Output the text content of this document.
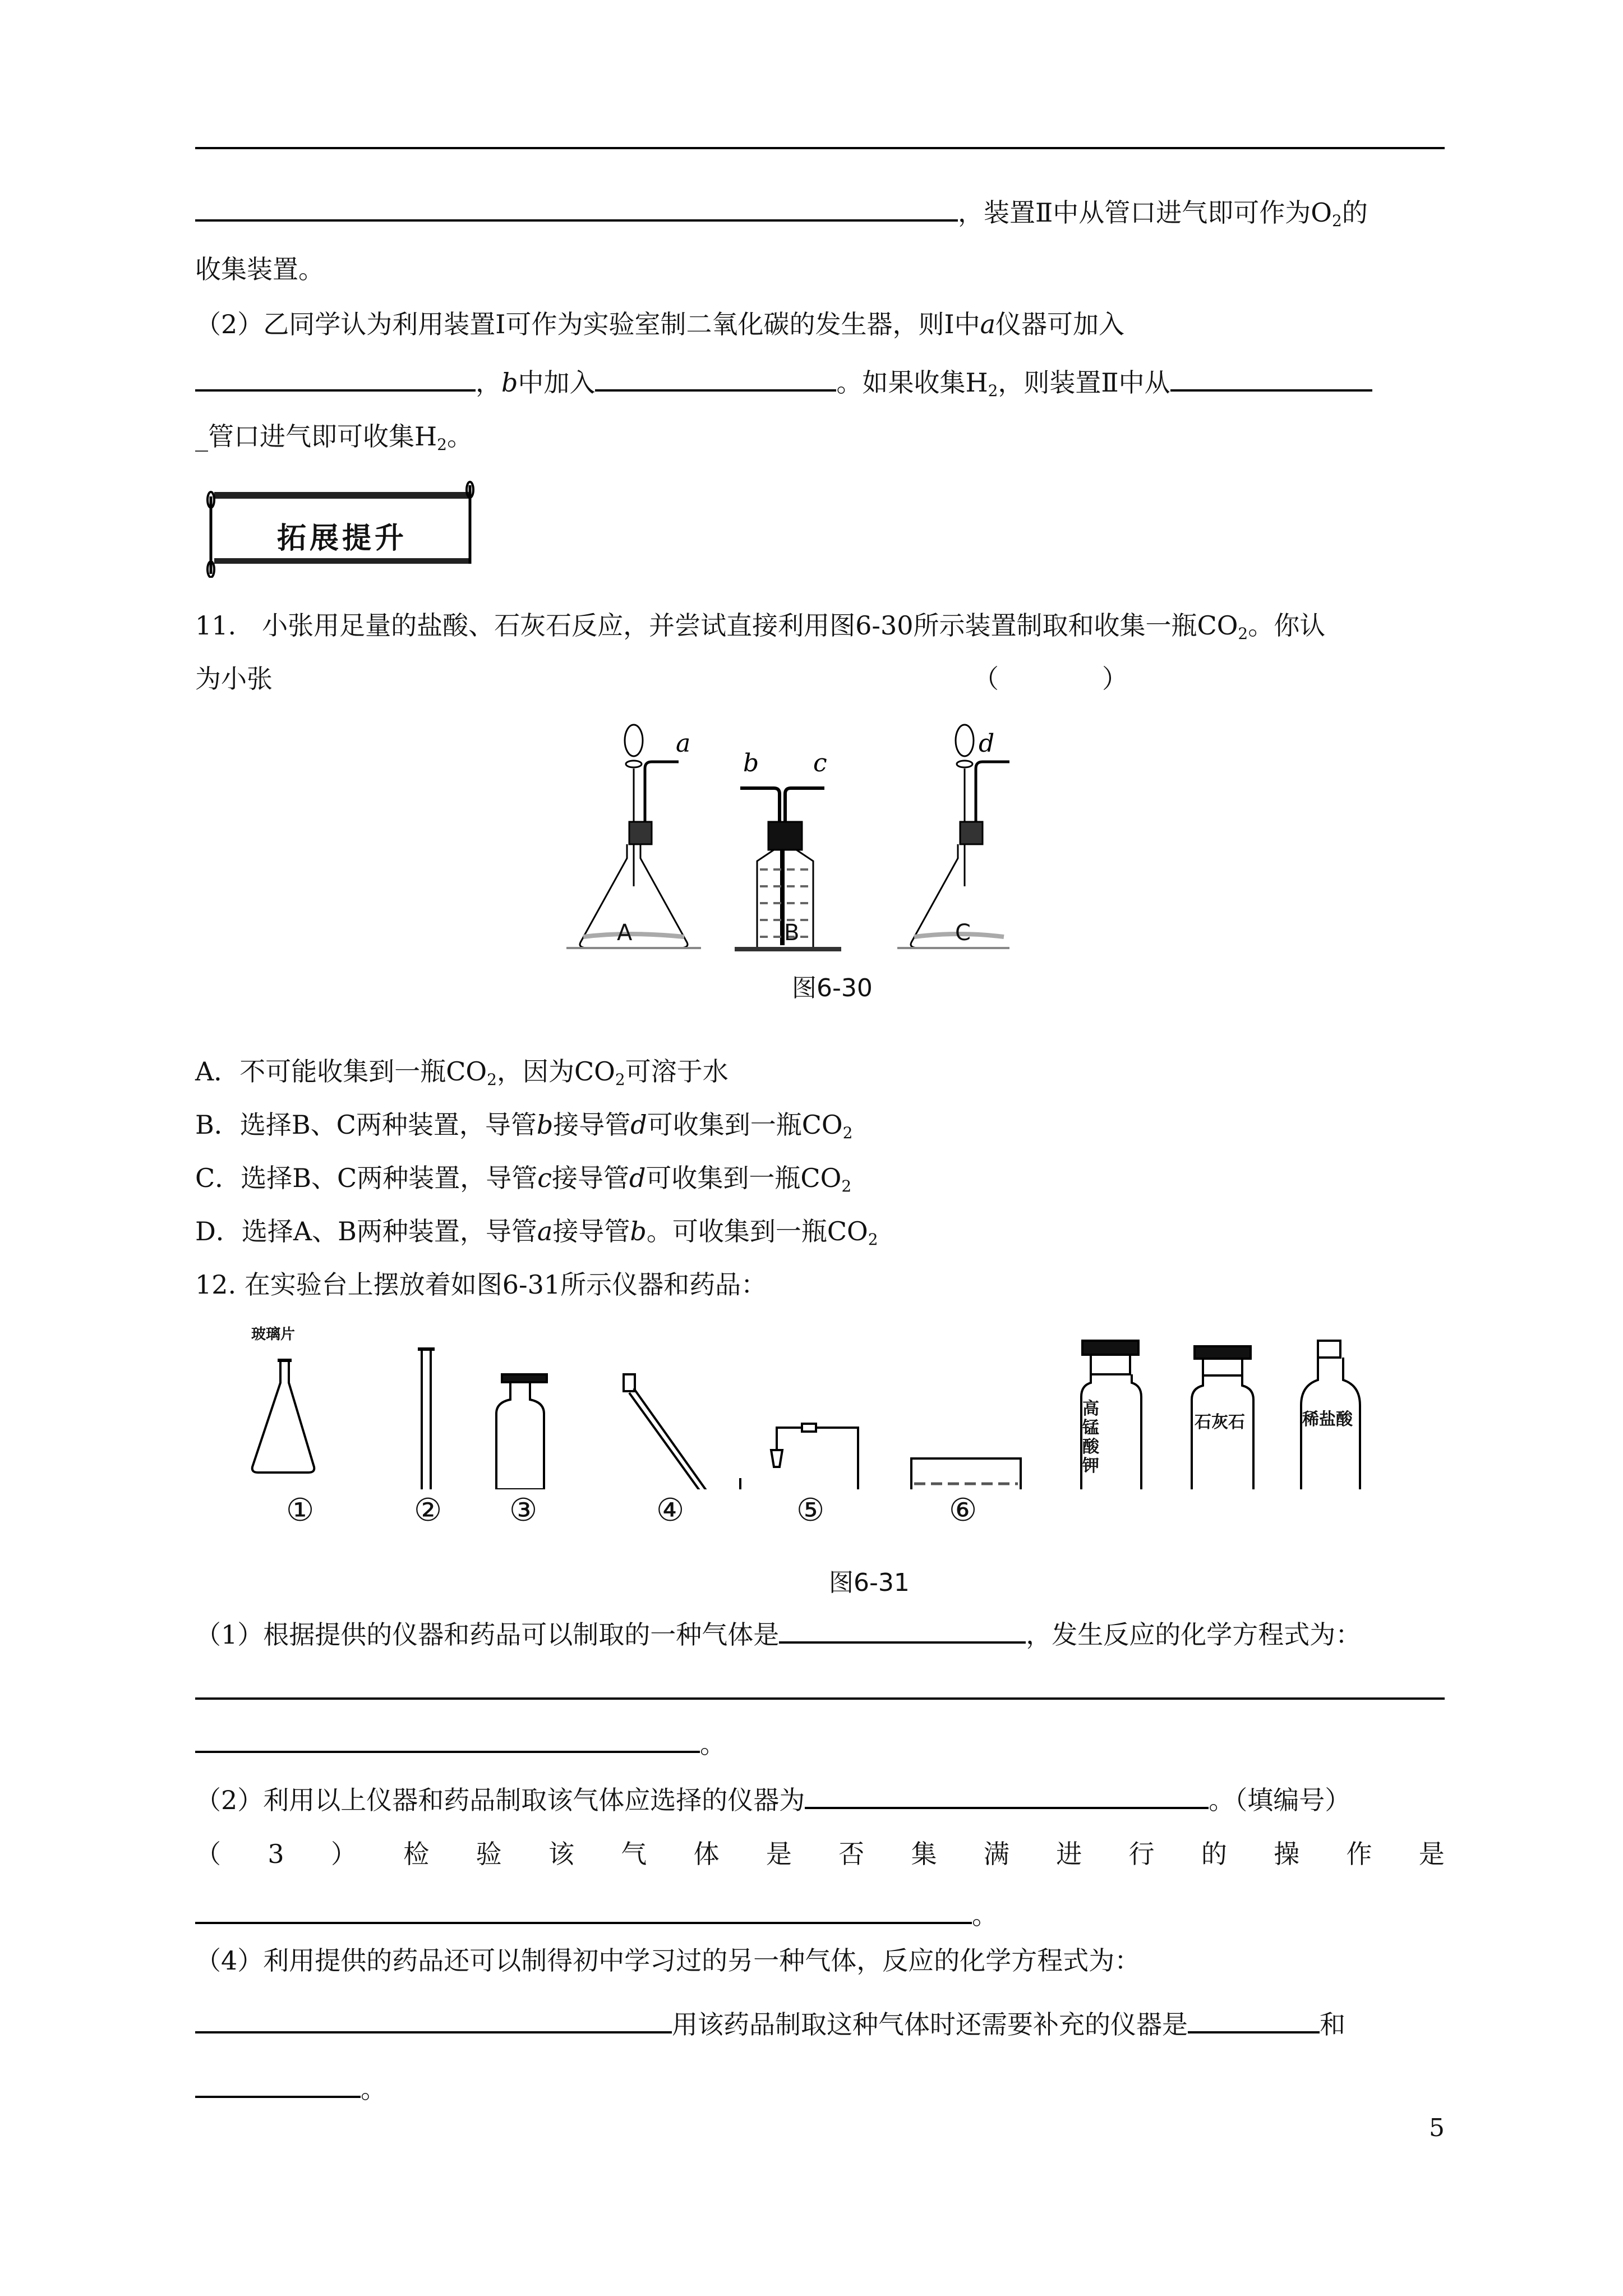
，装置Ⅱ中从管口进气即可作为$O_2$的
收集装置。
（2）乙同学认为利用装置Ⅰ可作为实验室制二氧化碳的发生器，则Ⅰ中 a 仪器可加入
，b中加入	。如果收集$H_2$，则装置Ⅱ中从
_管口进气即可收集$H_2$。
拓展提升
11.　小张用足量的盐酸、石灰石反应，并尝试直接利用图6-30所示装置制取和收集一瓶$CO_2$。你认
为小张	（　　　　）
a
b c
d
A	B	C
图6-30
A．不可能收集到一瓶$CO_2$，因为$CO_2$可溶于水
B．选择B、C两种装置，导管b接导管d可收集到一瓶$CO_2$
C．选择B、C两种装置，导管c接导管d可收集到一瓶$CO_2$
D．选择A、B两种装置，导管a接导管b。可收集到一瓶$CO_2$
12. 在实验台上摆放着如图6-31所示仪器和药品：
玻璃片
高锰酸钾
石灰石	稀盐酸
①	② ③	④	⑤	⑥
图6-31
（1）根据提供的仪器和药品可以制取的一种气体是	，发生反应的化学方程式为：
。
（2）利用以上仪器和药品制取该气体应选择的仪器为	。（填编号）
（ 3 ） 检 验 该 气 体 是 否 集 满 进 行 的 操 作 是
。
（4）利用提供的药品还可以制得初中学习过的另一种气体，反应的化学方程式为：
用该药品制取这种气体时还需要补充的仪器是	和
。
5
